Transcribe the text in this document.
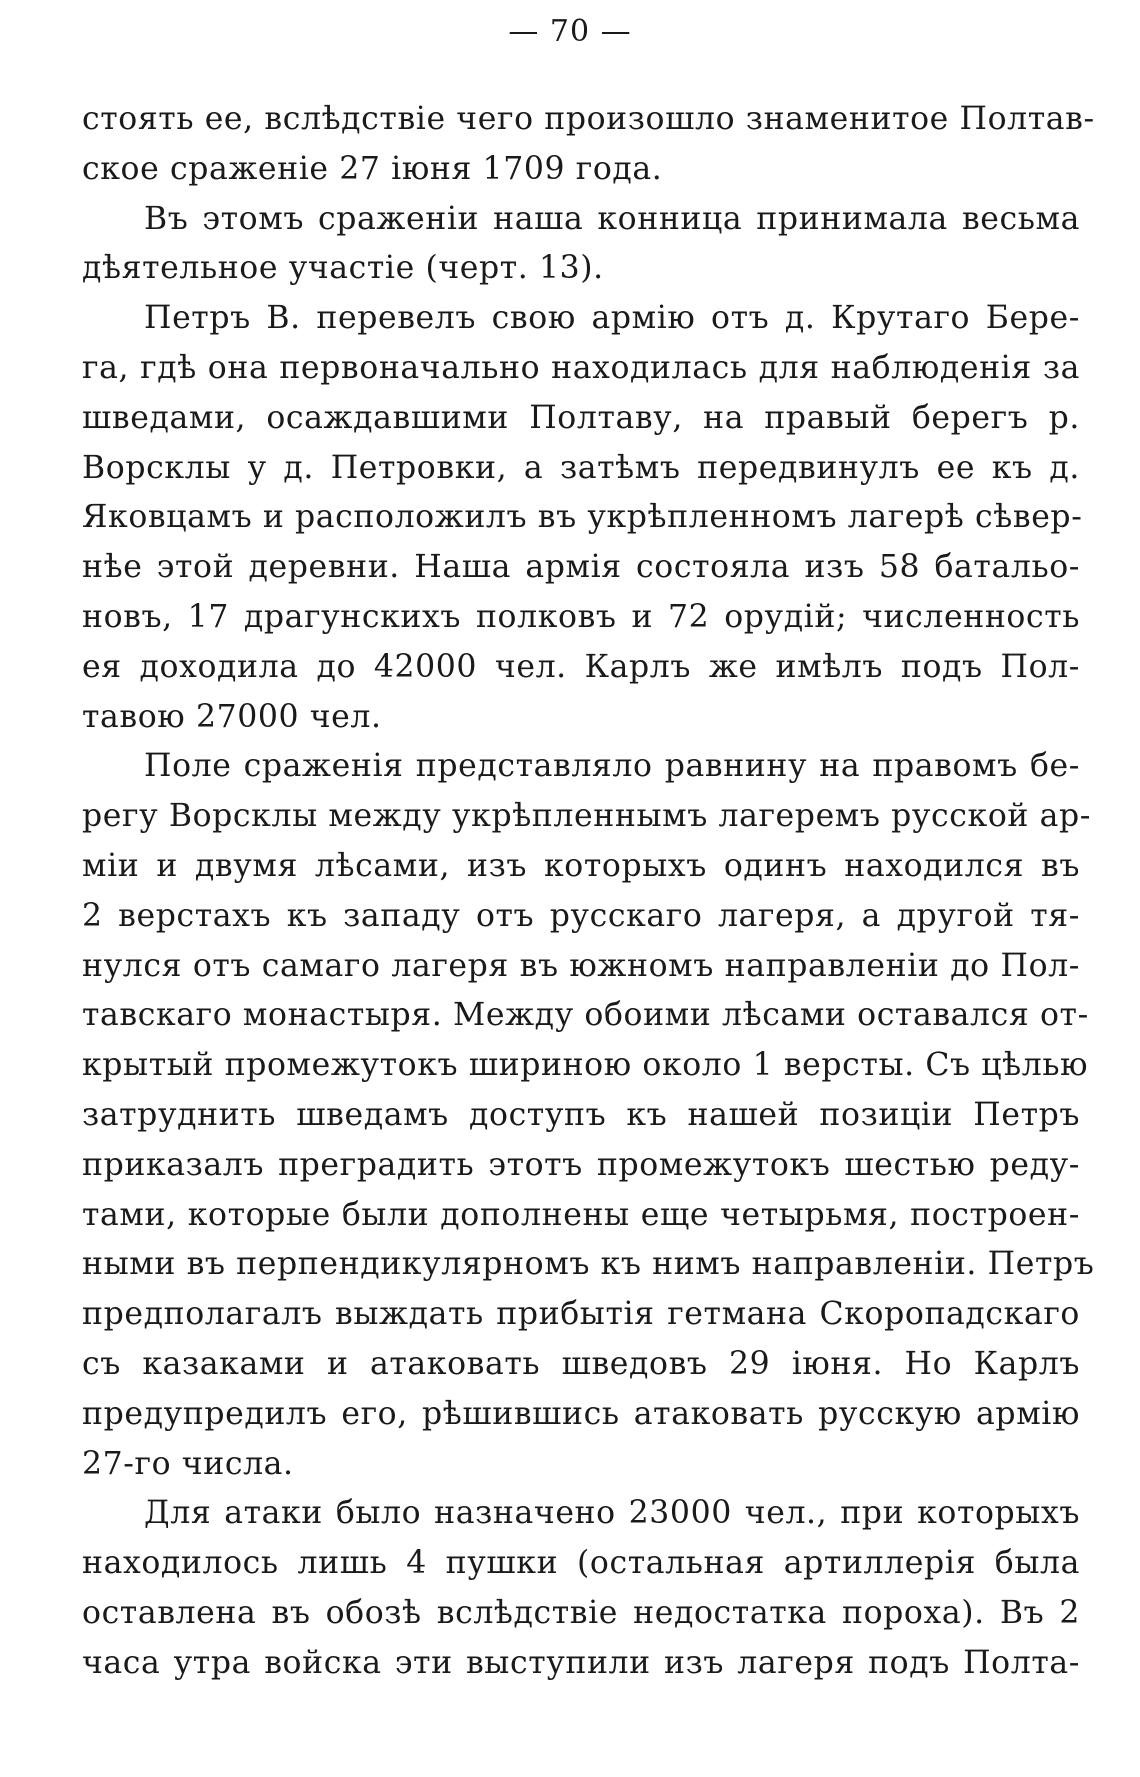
— 70 —
стоять ее, вслѣдствіе чего произошло знаменитое Полтав-
ское сраженіе 27 іюня 1709 года.
Въ этомъ сраженіи наша конница принимала весьма
дѣятельное участіе (черт. 13).
Петръ В. перевелъ свою армію отъ д. Крутаго Бере-
га, гдѣ она первоначально находилась для наблюденія за
шведами, осаждавшими Полтаву, на правый берегъ р.
Ворсклы у д. Петровки, а затѣмъ передвинулъ ее къ д.
Яковцамъ и расположилъ въ укрѣпленномъ лагерѣ сѣвер-
нѣе этой деревни. Наша армія состояла изъ 58 батальо-
новъ, 17 драгунскихъ полковъ и 72 орудій; численность
ея доходила до 42000 чел. Карлъ же имѣлъ подъ Пол-
тавою 27000 чел.
Поле сраженія представляло равнину на правомъ бе-
регу Ворсклы между укрѣпленнымъ лагеремъ русской ар-
міи и двумя лѣсами, изъ которыхъ одинъ находился въ
2 верстахъ къ западу отъ русскаго лагеря, а другой тя-
нулся отъ самаго лагеря въ южномъ направленіи до Пол-
тавскаго монастыря. Между обоими лѣсами оставался от-
крытый промежутокъ шириною около 1 версты. Съ цѣлью
затруднить шведамъ доступъ къ нашей позиціи Петръ
приказалъ преградить этотъ промежутокъ шестью реду-
тами, которые были дополнены еще четырьмя, построен-
ными въ перпендикулярномъ къ нимъ направленіи. Петръ
предполагалъ выждать прибытія гетмана Скоропадскаго
съ казаками и атаковать шведовъ 29 іюня. Но Карлъ
предупредилъ его, рѣшившись атаковать русскую армію
27-го числа.
Для атаки было назначено 23000 чел., при которыхъ
находилось лишь 4 пушки (остальная артиллерія была
оставлена въ обозѣ вслѣдствіе недостатка пороха). Въ 2
часа утра войска эти выступили изъ лагеря подъ Полта-
